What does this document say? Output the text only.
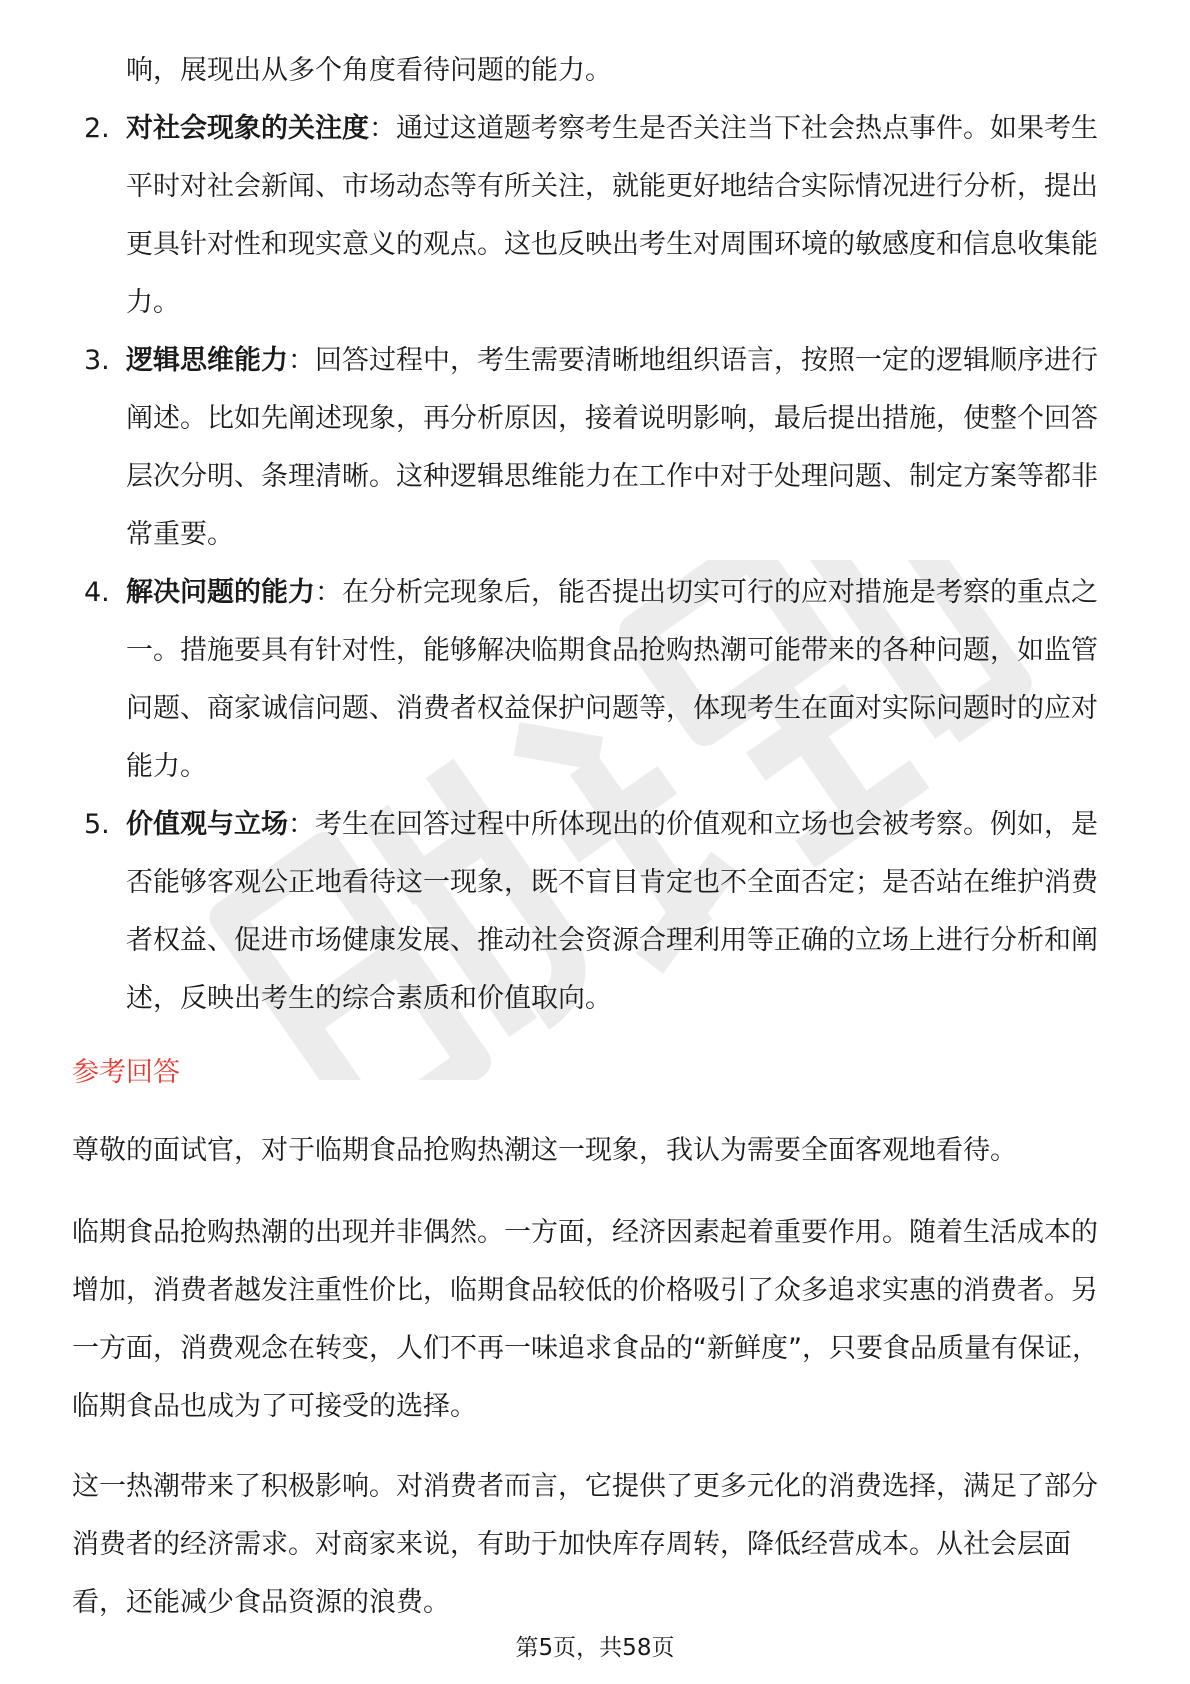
响，展现出从多个角度看待问题的能力。

2. 对社会现象的关注度：通过这道题考察考生是否关注当下社会热点事件。如果考生平时对社会新闻、市场动态等有所关注，就能更好地结合实际情况进行分析，提出更具针对性和现实意义的观点。这也反映出考生对周围环境的敏感度和信息收集能力。
3. 逻辑思维能力：回答过程中，考生需要清晰地组织语言，按照一定的逻辑顺序进行阐述。比如先阐述现象，再分析原因，接着说明影响，最后提出措施，使整个回答层次分明、条理清晰。这种逻辑思维能力在工作中对于处理问题、制定方案等都非常重要。
4. 解决问题的能力：在分析完现象后，能否提出切实可行的应对措施是考察的重点之一。措施要具有针对性，能够解决临期食品抢购热潮可能带来的各种问题，如监管问题、商家诚信问题、消费者权益保护问题等，体现考生在面对实际问题时的应对能力。
5. 价值观与立场：考生在回答过程中所体现出的价值观和立场也会被考察。例如，是否能够客观公正地看待这一现象，既不盲目肯定也不全面否定；是否站在维护消费者权益、促进市场健康发展、推动社会资源合理利用等正确的立场上进行分析和阐述，反映出考生的综合素质和价值取向。
参考回答

尊敬的面试官，对于临期食品抢购热潮这一现象，我认为需要全面客观地看待。

临期食品抢购热潮的出现并非偶然。一方面，经济因素起着重要作用。随着生活成本的增加，消费者越发注重性价比，临期食品较低的价格吸引了众多追求实惠的消费者。另一方面，消费观念在转变，人们不再一味追求食品的“新鲜度”，只要食品质量有保证，临期食品也成为了可接受的选择。

这一热潮带来了积极影响。对消费者而言，它提供了更多元化的消费选择，满足了部分消费者的经济需求。对商家来说，有助于加快库存周转，降低经营成本。从社会层面看，还能减少食品资源的浪费。

第5页，共58页
